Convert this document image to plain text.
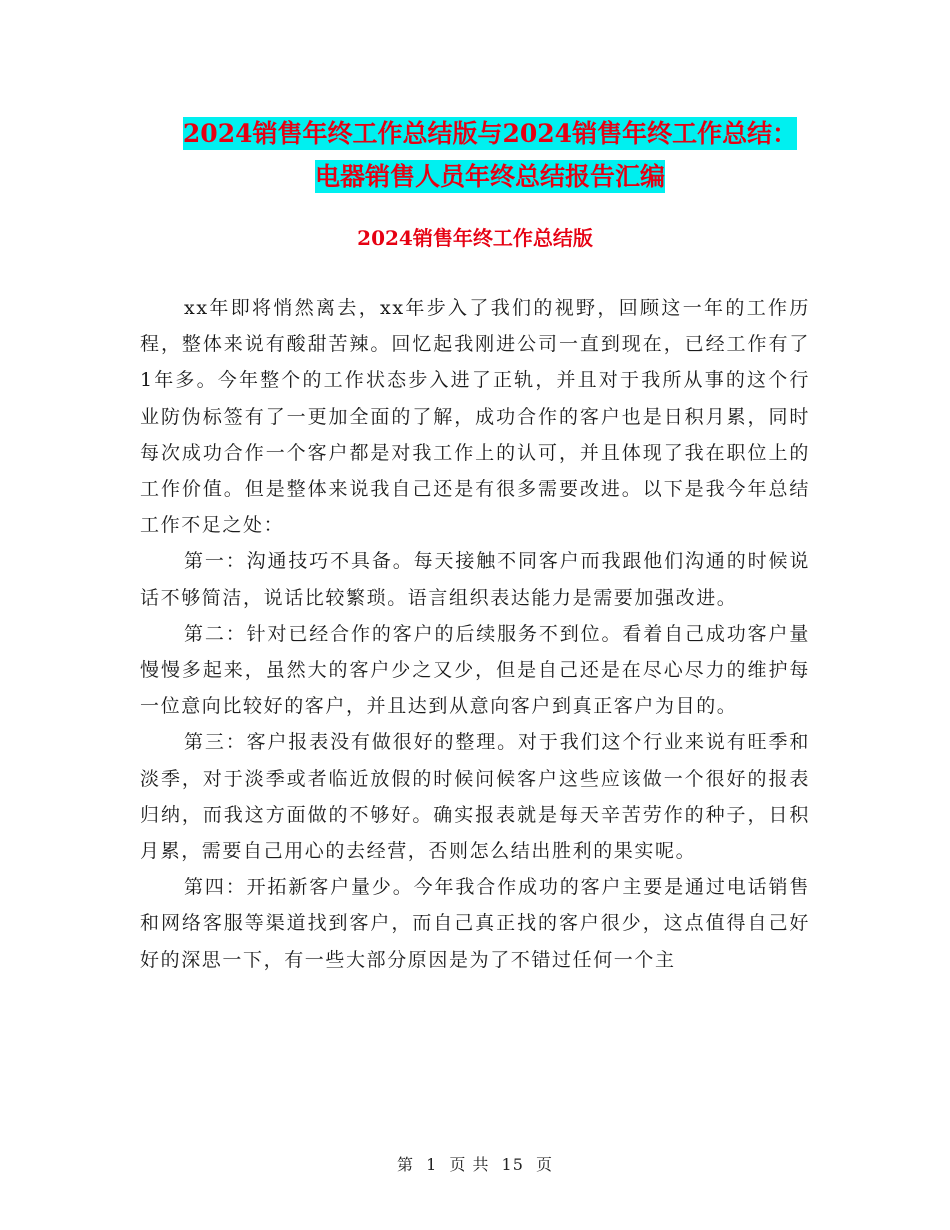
2024销售年终工作总结版与2024销售年终工作总结：
电器销售人员年终总结报告汇编
2024销售年终工作总结版

xx年即将悄然离去，xx年步入了我们的视野，回顾这一年的工作历程，整体来说有酸甜苦辣。回忆起我刚进公司一直到现在，已经工作有了1年多。今年整个的工作状态步入进了正轨，并且对于我所从事的这个行业防伪标签有了一更加全面的了解，成功合作的客户也是日积月累，同时每次成功合作一个客户都是对我工作上的认可，并且体现了我在职位上的工作价值。但是整体来说我自己还是有很多需要改进。以下是我今年总结工作不足之处：

第一：沟通技巧不具备。每天接触不同客户而我跟他们沟通的时候说话不够简洁，说话比较繁琐。语言组织表达能力是需要加强改进。

第二：针对已经合作的客户的后续服务不到位。看着自己成功客户量慢慢多起来，虽然大的客户少之又少，但是自己还是在尽心尽力的维护每一位意向比较好的客户，并且达到从意向客户到真正客户为目的。

第三：客户报表没有做很好的整理。对于我们这个行业来说有旺季和淡季，对于淡季或者临近放假的时候问候客户这些应该做一个很好的报表归纳，而我这方面做的不够好。确实报表就是每天辛苦劳作的种子，日积月累，需要自己用心的去经营，否则怎么结出胜利的果实呢。

第四：开拓新客户量少。今年我合作成功的客户主要是通过电话销售和网络客服等渠道找到客户，而自己真正找的客户很少，这点值得自己好好的深思一下，有一些大部分原因是为了不错过任何一个主

第 1 页 共 15 页
